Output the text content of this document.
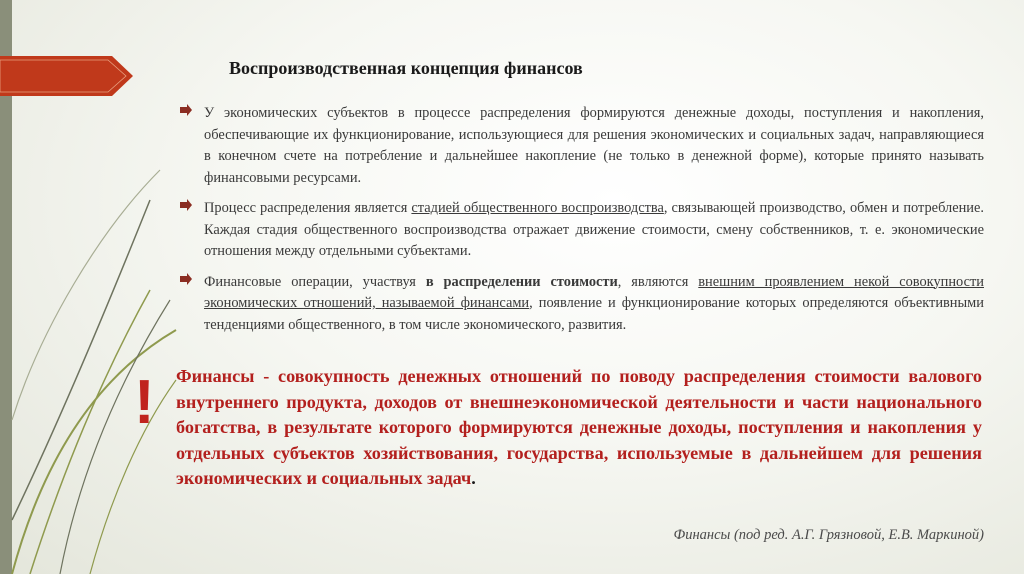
Воспроизводственная концепция финансов
У экономических субъектов в процессе распределения формируются денежные доходы, поступления и накопления, обеспечивающие их функционирование, использующиеся для решения экономических и социальных задач, направляющиеся в конечном счете на потребление и дальнейшее накопление (не только в денежной форме), которые принято называть финансовыми ресурсами.
Процесс распределения является стадией общественного воспроизводства, связывающей производство, обмен и потребление. Каждая стадия общественного воспроизводства отражает движение стоимости, смену собственников, т. е. экономические отношения между отдельными субъектами.
Финансовые операции, участвуя в распределении стоимости, являются внешним проявлением некой совокупности экономических отношений, называемой финансами, появление и функционирование которых определяются объективными тенденциями общественного, в том числе экономического, развития.
! Финансы - совокупность денежных отношений по поводу распределения стоимости валового внутреннего продукта, доходов от внешнеэкономической деятельности и части национального богатства, в результате которого формируются денежные доходы, поступления и накопления у отдельных субъектов хозяйствования, государства, используемые в дальнейшем для решения экономических и социальных задач.
Финансы (под ред. А.Г. Грязновой, Е.В. Маркиной)
